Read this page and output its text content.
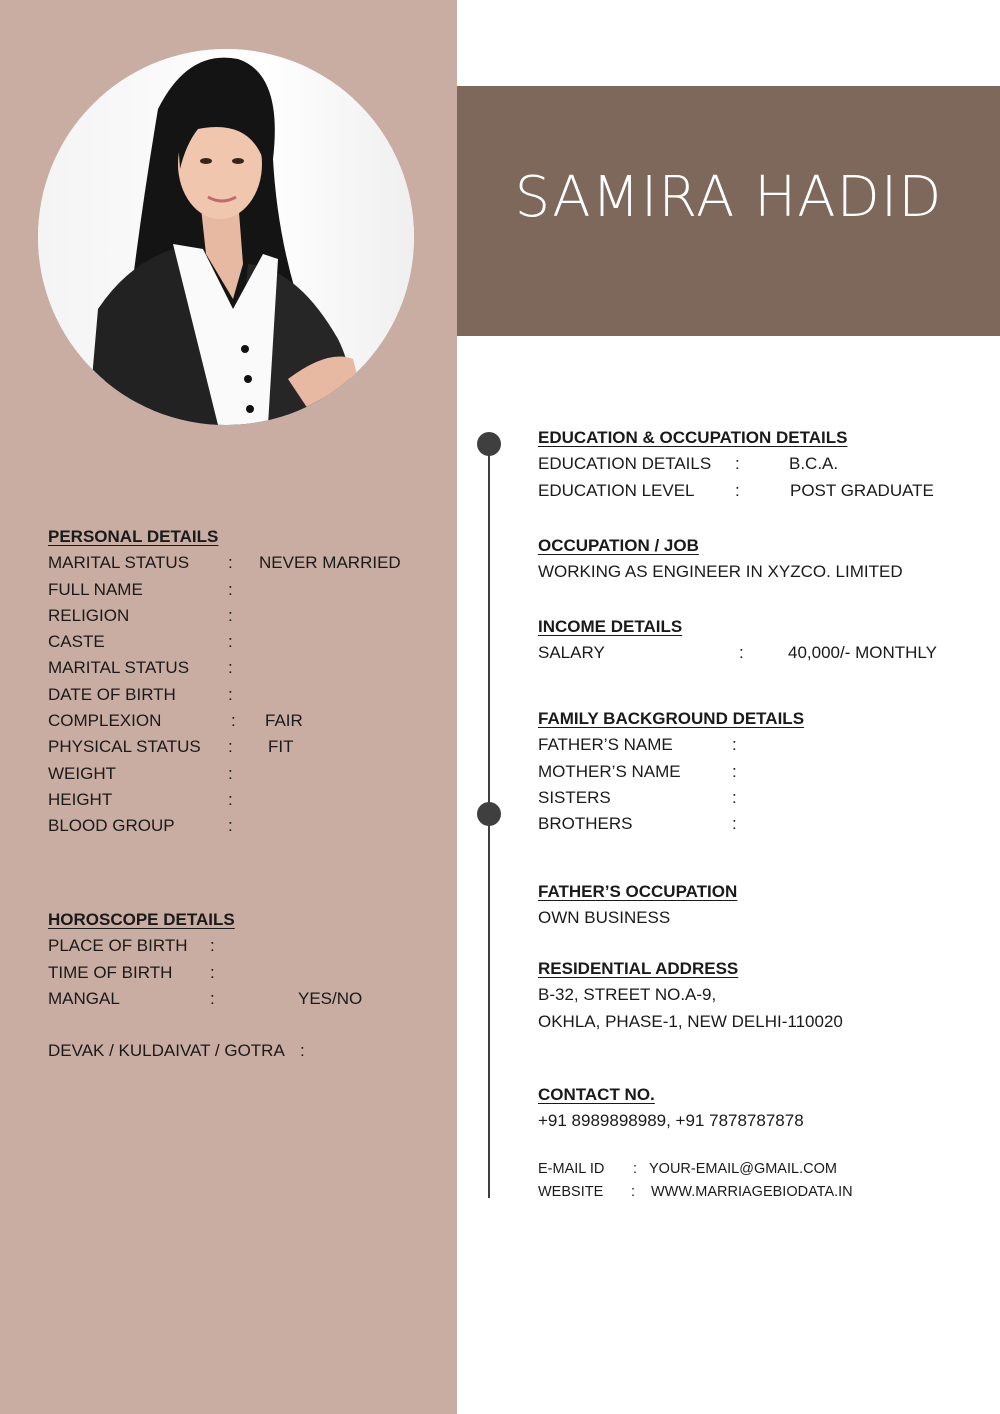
SAMIRA HADID
PERSONAL DETAILS
MARITAL STATUS : NEVER MARRIED
FULL NAME	:
RELIGION	:
CASTE	:
MARITAL STATUS :
DATE OF BIRTH	:
COMPLEXION	: FAIR
PHYSICAL STATUS : FIT
WEIGHT	:
HEIGHT	:
BLOOD GROUP	:
HOROSCOPE DETAILS
PLACE OF BIRTH :
TIME OF BIRTH :
MANGAL	:	YES/NO
DEVAK / KULDAIVAT / GOTRA :
EDUCATION & OCCUPATION DETAILS
EDUCATION DETAILS :	B.C.A.
EDUCATION LEVEL :	POST GRADUATE
OCCUPATION / JOB
WORKING AS ENGINEER IN XYZCO. LIMITED
INCOME DETAILS
SALARY	:	40,000/- MONTHLY
FAMILY BACKGROUND DETAILS
FATHER’S NAME	:
MOTHER’S NAME	:
SISTERS	:
BROTHERS	:
FATHER’S OCCUPATION
OWN BUSINESS
RESIDENTIAL ADDRESS
B-32, STREET NO.A-9,
OKHLA, PHASE-1, NEW DELHI-110020
CONTACT NO.
+91 8989898989, +91 7878787878
E-MAIL ID : YOUR-EMAIL@GMAIL.COM
WEBSITE : WWW.MARRIAGEBIODATA.IN
